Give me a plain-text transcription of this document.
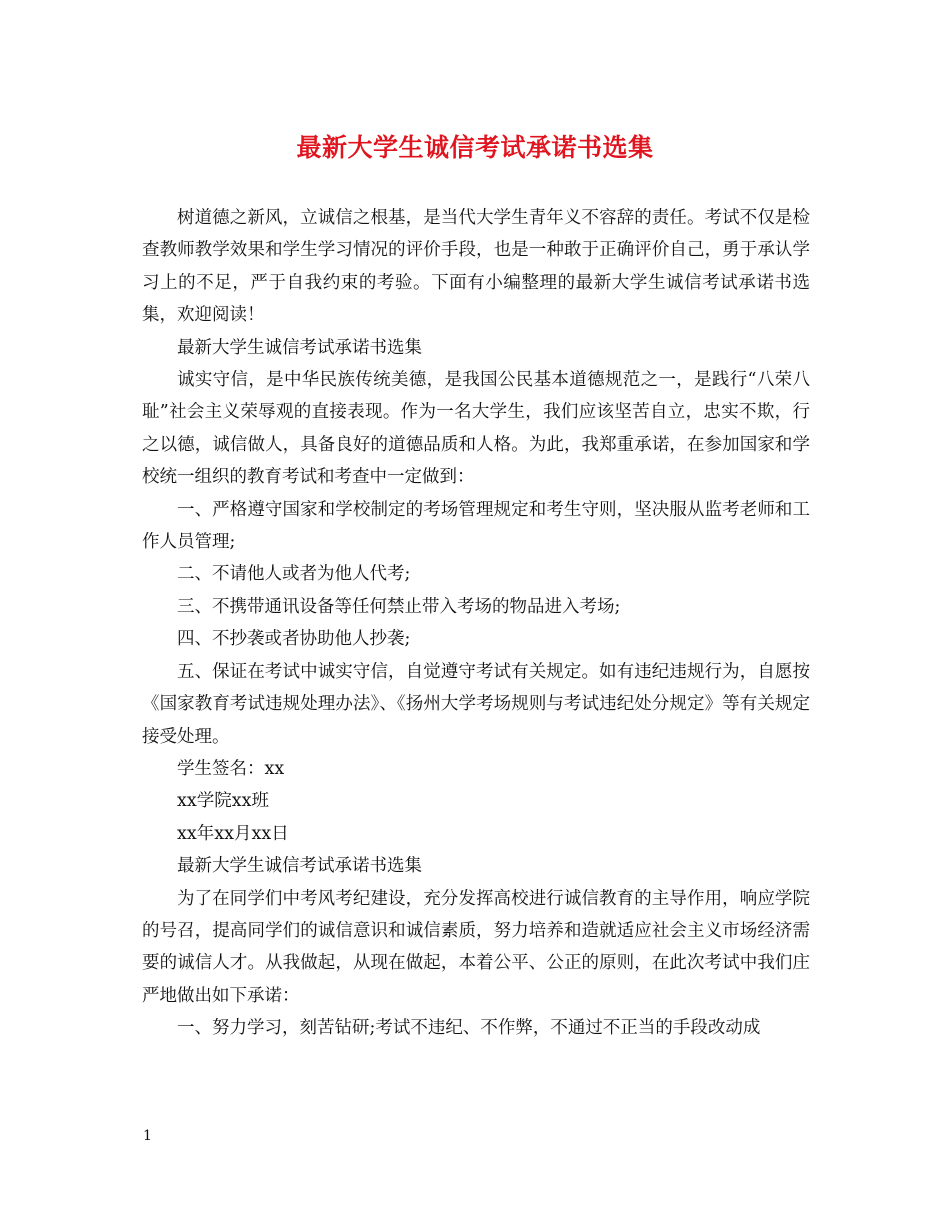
最新大学生诚信考试承诺书选集

树道德之新风，立诚信之根基，是当代大学生青年义不容辞的责任。考试不仅是检查教师教学效果和学生学习情况的评价手段，也是一种敢于正确评价自己，勇于承认学习上的不足，严于自我约束的考验。下面有小编整理的最新大学生诚信考试承诺书选集，欢迎阅读！

最新大学生诚信考试承诺书选集

诚实守信，是中华民族传统美德，是我国公民基本道德规范之一，是践行“八荣八耻”社会主义荣辱观的直接表现。作为一名大学生，我们应该坚苦自立，忠实不欺，行之以德，诚信做人，具备良好的道德品质和人格。为此，我郑重承诺，在参加国家和学校统一组织的教育考试和考查中一定做到：

一、严格遵守国家和学校制定的考场管理规定和考生守则，坚决服从监考老师和工作人员管理;

二、不请他人或者为他人代考;

三、不携带通讯设备等任何禁止带入考场的物品进入考场;

四、不抄袭或者协助他人抄袭;

五、保证在考试中诚实守信，自觉遵守考试有关规定。如有违纪违规行为，自愿按《国家教育考试违规处理办法》、《扬州大学考场规则与考试违纪处分规定》等有关规定接受处理。

学生签名：xx

xx学院xx班

xx年xx月xx日

最新大学生诚信考试承诺书选集

为了在同学们中考风考纪建设，充分发挥高校进行诚信教育的主导作用，响应学院的号召，提高同学们的诚信意识和诚信素质，努力培养和造就适应社会主义市场经济需要的诚信人才。从我做起，从现在做起，本着公平、公正的原则，在此次考试中我们庄严地做出如下承诺：

一、努力学习，刻苦钻研;考试不违纪、不作弊，不通过不正当的手段改动成

1
